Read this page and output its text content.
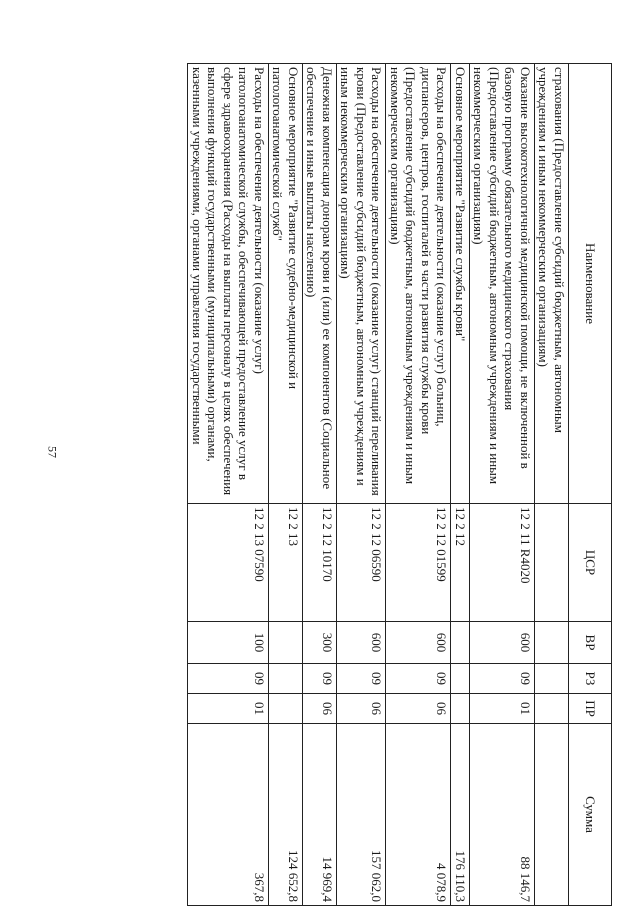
57
Наименование	ЦСР	ВР	РЗ	ПР	Сумма
страхования (Предоставление субсидий бюджетным, автономным учреждениям и иным некоммерческим организациям)					
Оказание высокотехнологичной медицинской помощи, не включенной в базовую программу обязательного медицинского страхования (Предоставление субсидий бюджетным, автономным учреждениям и иным некоммерческим организациям)	12 2 11 R4020	600	09	01	88 146,7
Основное мероприятие "Развитие службы крови"	12 2 12				176 110,3
Расходы на обеспечение деятельности (оказание услуг) больниц, диспансеров, центров, госпиталей в части развития службы крови (Предоставление субсидий бюджетным, автономным учреждениям и иным некоммерческим организациям)	12 2 12 01599	600	09	06	4 078,9
Расходы на обеспечение деятельности (оказание услуг) станций переливания крови (Предоставление субсидий бюджетным, автономным учреждениям и иным некоммерческим организациям)	12 2 12 06590	600	09	06	157 062,0
Денежная компенсация донорам крови и (или) ее компонентов (Социальное обеспечение и иные выплаты населению)	12 2 12 10170	300	09	06	14 969,4
Основное мероприятие "Развитие судебно-медицинской и патологоанатомической служб"	12 2 13				124 652,8
Расходы на обеспечение деятельности (оказание услуг) патологоанатомической службы, обеспечивающей предоставление услуг в сфере здравоохранения (Расходы на выплаты персоналу в целях обеспечения выполнения функций государственными (муниципальными) органами, казенными учреждениями, органами управления государственными	12 2 13 07590	100	09	01	367,8
